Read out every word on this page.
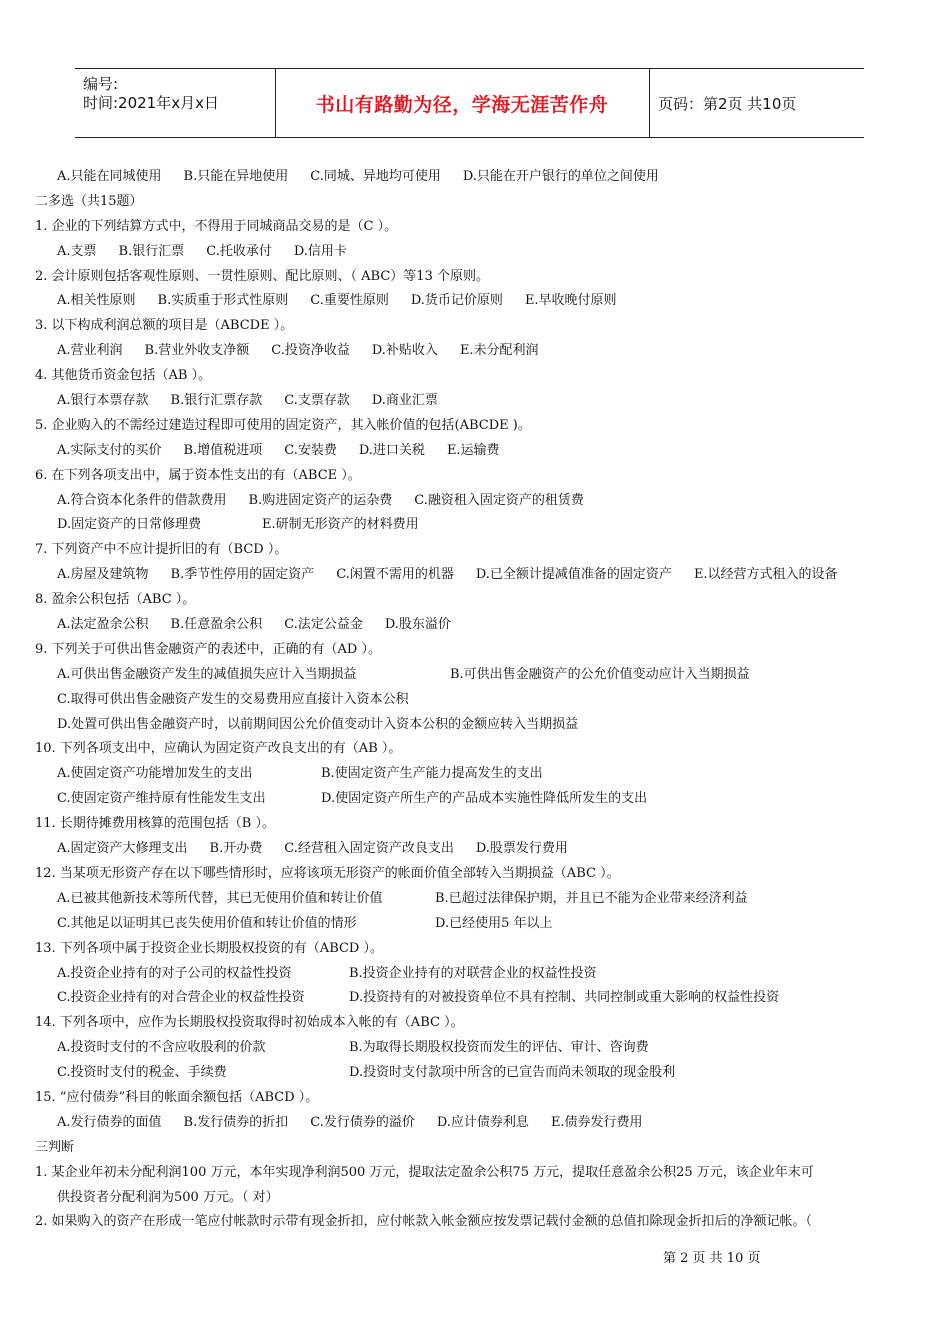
编号:
时间:2021年x月x日	书山有路勤为径，学海无涯苦作舟	页码：第2页 共10页
A.只能在同城使用 B.只能在异地使用 C.同城、异地均可使用 D.只能在开户银行的单位之间使用
二多选（共15题）
1. 企业的下列结算方式中，不得用于同城商品交易的是（C ）。
A.支票 B.银行汇票 C.托收承付 D.信用卡
2. 会计原则包括客观性原则、一贯性原则、配比原则、（ ABC）等13 个原则。
A.相关性原则 B.实质重于形式性原则 C.重要性原则 D.货币记价原则 E.早收晚付原则
3. 以下构成利润总额的项目是（ABCDE ）。
A.营业利润 B.营业外收支净额 C.投资净收益 D.补贴收入 E.未分配利润
4. 其他货币资金包括（AB ）。
A.银行本票存款 B.银行汇票存款 C.支票存款 D.商业汇票
5. 企业购入的不需经过建造过程即可使用的固定资产，其入帐价值的包括(ABCDE )。
A.实际支付的买价 B.增值税进项 C.安装费 D.进口关税 E.运输费
6. 在下列各项支出中，属于资本性支出的有（ABCE ）。
A.符合资本化条件的借款费用 B.购进固定资产的运杂费 C.融资租入固定资产的租赁费
D.固定资产的日常修理费	E.研制无形资产的材料费用
7. 下列资产中不应计提折旧的有（BCD ）。
A.房屋及建筑物 B.季节性停用的固定资产 C.闲置不需用的机器 D.已全额计提减值准备的固定资产 E.以经营方式租入的设备
8. 盈余公积包括（ABC ）。
A.法定盈余公积 B.任意盈余公积 C.法定公益金 D.股东溢价
9. 下列关于可供出售金融资产的表述中，正确的有（AD ）。
A.可供出售金融资产发生的减值损失应计入当期损益	B.可供出售金融资产的公允价值变动应计入当期损益
C.取得可供出售金融资产发生的交易费用应直接计入资本公积
D.处置可供出售金融资产时，以前期间因公允价值变动计入资本公积的金额应转入当期损益
10. 下列各项支出中，应确认为固定资产改良支出的有（AB ）。
A.使固定资产功能增加发生的支出	B.使固定资产生产能力提高发生的支出
C.使固定资产维持原有性能发生支出	D.使固定资产所生产的产品成本实施性降低所发生的支出
11. 长期待摊费用核算的范围包括（B ）。
A.固定资产大修理支出 B.开办费 C.经营租入固定资产改良支出 D.股票发行费用
12. 当某项无形资产存在以下哪些情形时，应将该项无形资产的帐面价值全部转入当期损益（ABC ）。
A.已被其他新技术等所代替，其已无使用价值和转让价值	B.已超过法律保护期，并且已不能为企业带来经济利益
C.其他足以证明其已丧失使用价值和转让价值的情形	D.已经使用5 年以上
13. 下列各项中属于投资企业长期股权投资的有（ABCD ）。
A.投资企业持有的对子公司的权益性投资	B.投资企业持有的对联营企业的权益性投资
C.投资企业持有的对合营企业的权益性投资	D.投资持有的对被投资单位不具有控制、共同控制或重大影响的权益性投资
14. 下列各项中，应作为长期股权投资取得时初始成本入帐的有（ABC ）。
A.投资时支付的不含应收股利的价款	B.为取得长期股权投资而发生的评估、审计、咨询费
C.投资时支付的税金、手续费	D.投资时支付款项中所含的已宣告而尚未领取的现金股利
15. “应付债券”科目的帐面余额包括（ABCD ）。
A.发行债券的面值 B.发行债券的折扣 C.发行债券的溢价 D.应计债券利息 E.债券发行费用
三判断
1. 某企业年初未分配利润100 万元，本年实现净利润500 万元，提取法定盈余公积75 万元，提取任意盈余公积25 万元，该企业年末可
供投资者分配利润为500 万元。（ 对）
2. 如果购入的资产在形成一笔应付帐款时示带有现金折扣，应付帐款入帐金额应按发票记载付金额的总值扣除现金折扣后的净额记帐。（
第 2 页 共 10 页
